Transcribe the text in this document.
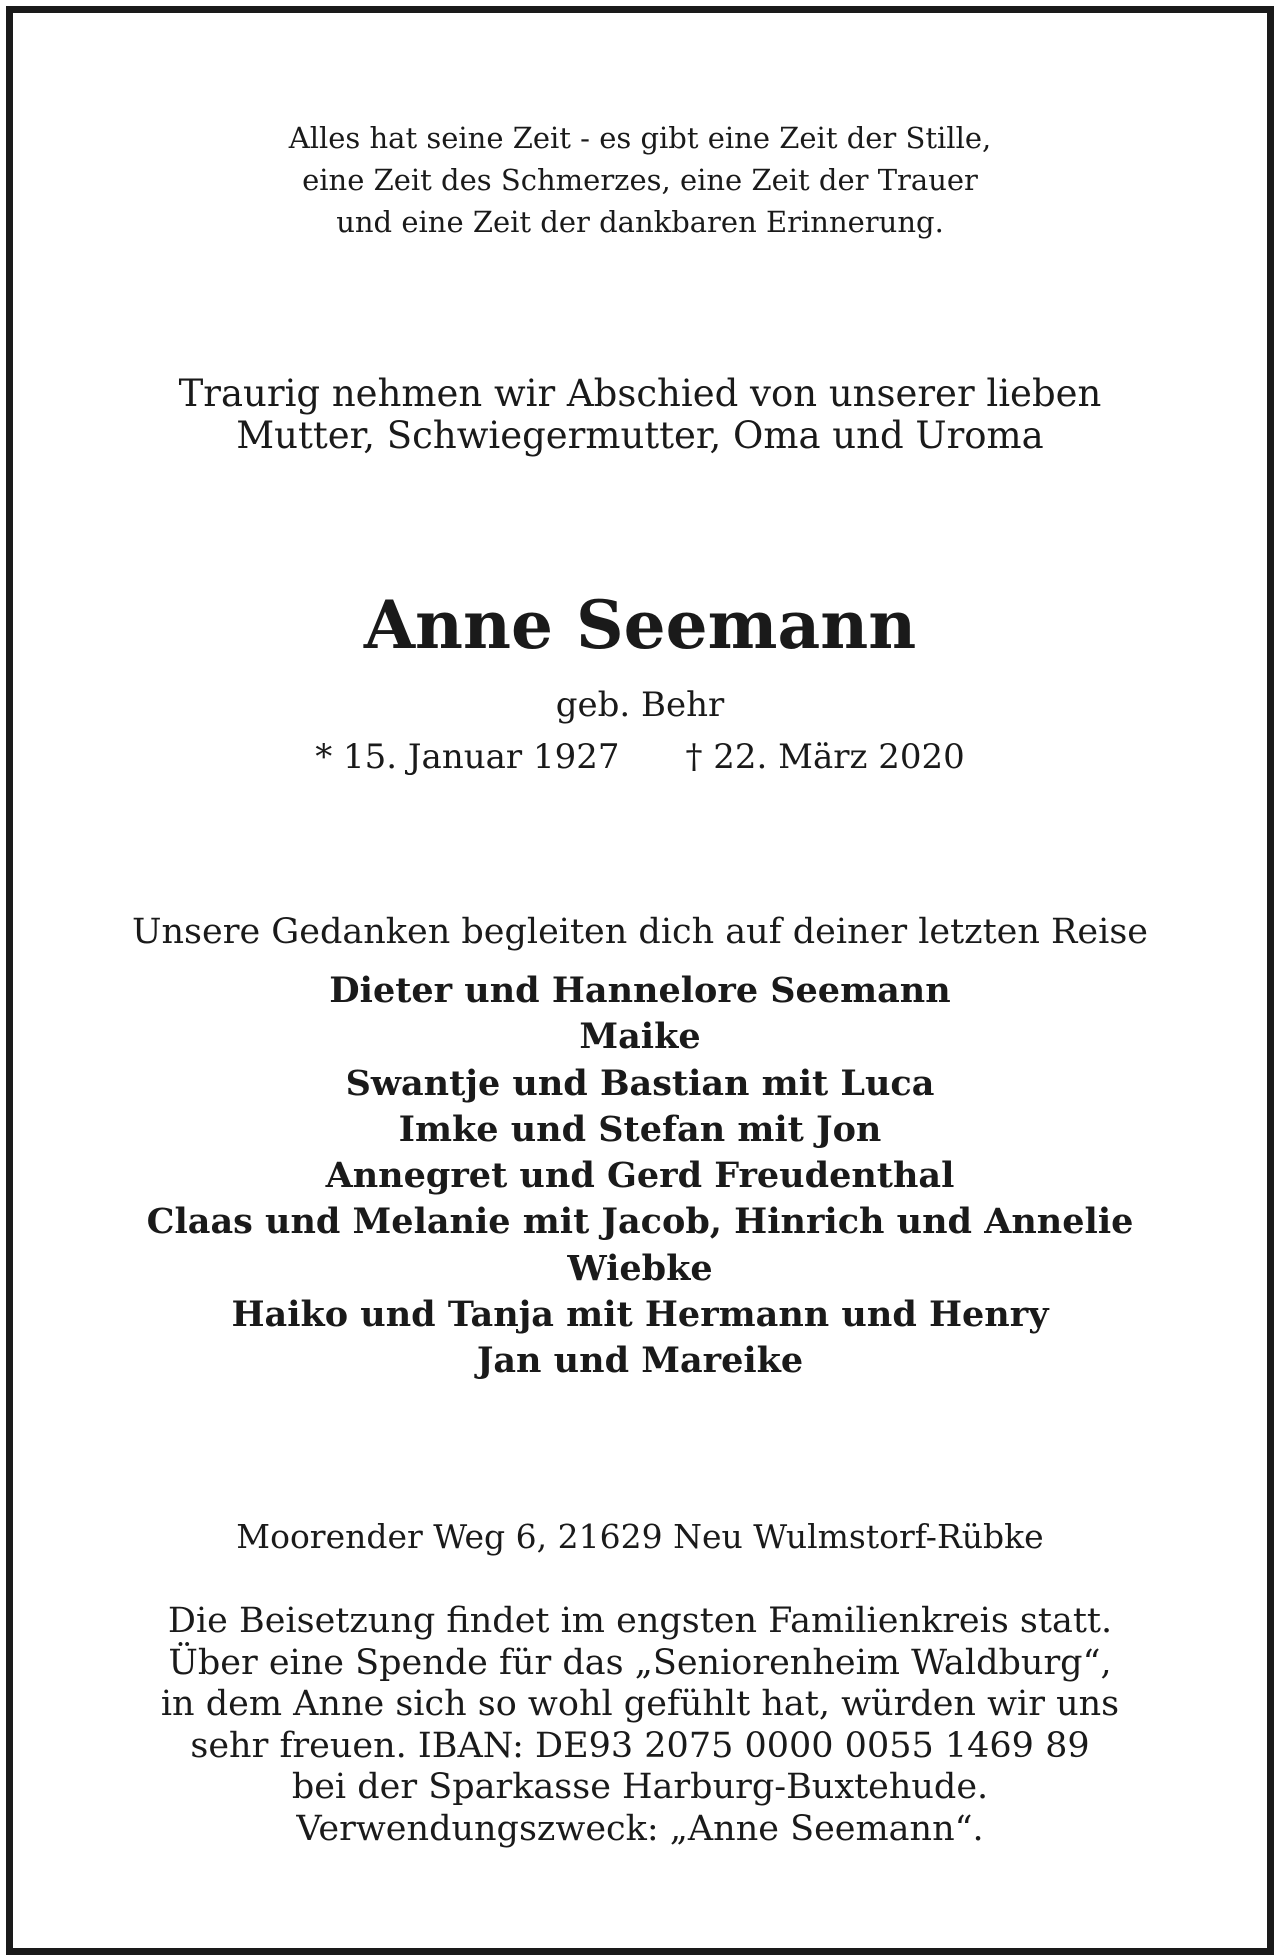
Alles hat seine Zeit - es gibt eine Zeit der Stille,
eine Zeit des Schmerzes, eine Zeit der Trauer
und eine Zeit der dankbaren Erinnerung.
Traurig nehmen wir Abschied von unserer lieben
Mutter, Schwiegermutter, Oma und Uroma
Anne Seemann
geb. Behr
* 15. Januar 1927 † 22. März 2020
Unsere Gedanken begleiten dich auf deiner letzten Reise
Dieter und Hannelore Seemann
Maike
Swantje und Bastian mit Luca
Imke und Stefan mit Jon
Annegret und Gerd Freudenthal
Claas und Melanie mit Jacob, Hinrich und Annelie
Wiebke
Haiko und Tanja mit Hermann und Henry
Jan und Mareike
Moorender Weg 6, 21629 Neu Wulmstorf-Rübke
Die Beisetzung findet im engsten Familienkreis statt.
Über eine Spende für das „Seniorenheim Waldburg“,
in dem Anne sich so wohl gefühlt hat, würden wir uns
sehr freuen. IBAN: DE93 2075 0000 0055 1469 89
bei der Sparkasse Harburg-Buxtehude.
Verwendungszweck: „Anne Seemann“.
